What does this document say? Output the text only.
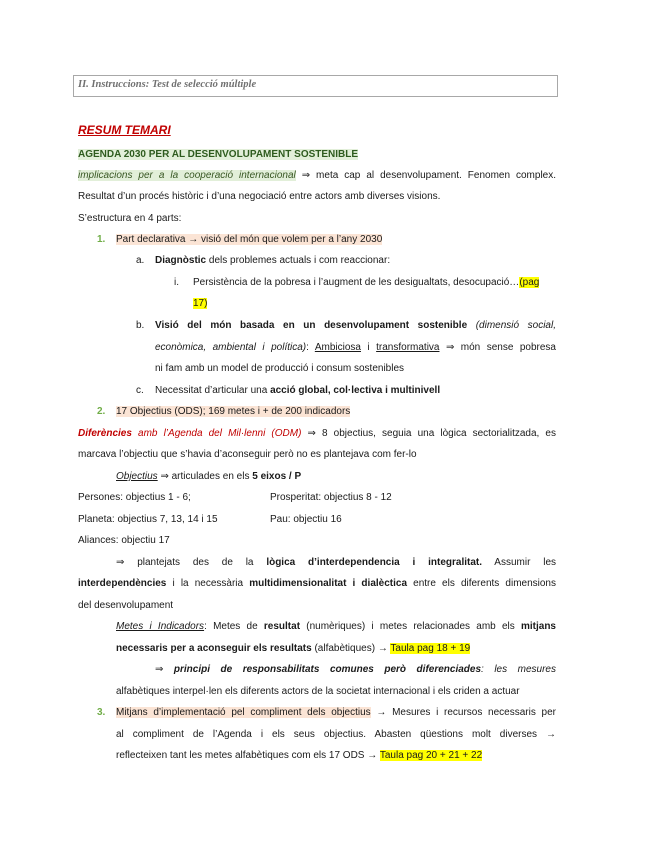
II. Instruccions: Test de selecció múltiple
RESUM TEMARI
AGENDA 2030 PER AL DESENVOLUPAMENT SOSTENIBLE
implicacions per a la cooperació internacional ⇒ meta cap al desenvolupament. Fenomen complex.
Resultat d’un procés històric i d’una negociació entre actors amb diverses visions.
S’estructura en 4 parts:
1. Part declarativa → visió del món que volem per a l’any 2030
a. Diagnòstic dels problemes actuals i com reaccionar:
i. Persistència de la pobresa i l’augment de les desigualtats, desocupació…(pag
17)
b. Visió del món basada en un desenvolupament sostenible (dimensió social,
econòmica, ambiental i política): Ambiciosa i transformativa ⇒ món sense pobresa
ni fam amb un model de producció i consum sostenibles
c. Necessitat d’articular una acció global, col·lectiva i multinivell
2. 17 Objectius (ODS); 169 metes i + de 200 indicadors
Diferències amb l’Agenda del Mil·lenni (ODM) ⇒ 8 objectius, seguia una lògica sectorialitzada, es
marcava l’objectiu que s’havia d’aconseguir però no es plantejava com fer-lo
Objectius ⇒ articulades en els 5 eixos / P
Persones: objectius 1 - 6;	Prosperitat: objectius 8 - 12
Planeta: objectius 7, 13, 14 i 15	Pau: objectiu 16
Aliances: objectiu 17
⇒ plantejats des de la lògica d’interdependencia i integralitat. Assumir les
interdependències i la necessària multidimensionalitat i dialèctica entre els diferents dimensions
del desenvolupament
Metes i Indicadors: Metes de resultat (numèriques) i metes relacionades amb els mitjans
necessaris per a aconseguir els resultats (alfabètiques) → Taula pag 18 + 19
⇒ principi de responsabilitats comunes però diferenciades: les mesures
alfabètiques interpel·len els diferents actors de la societat internacional i els criden a actuar
3. Mitjans d’implementació pel compliment dels objectius → Mesures i recursos necessaris per
al compliment de l’Agenda i els seus objectius. Abasten qüestions molt diverses →
reflecteixen tant les metes alfabètiques com els 17 ODS → Taula pag 20 + 21 + 22
